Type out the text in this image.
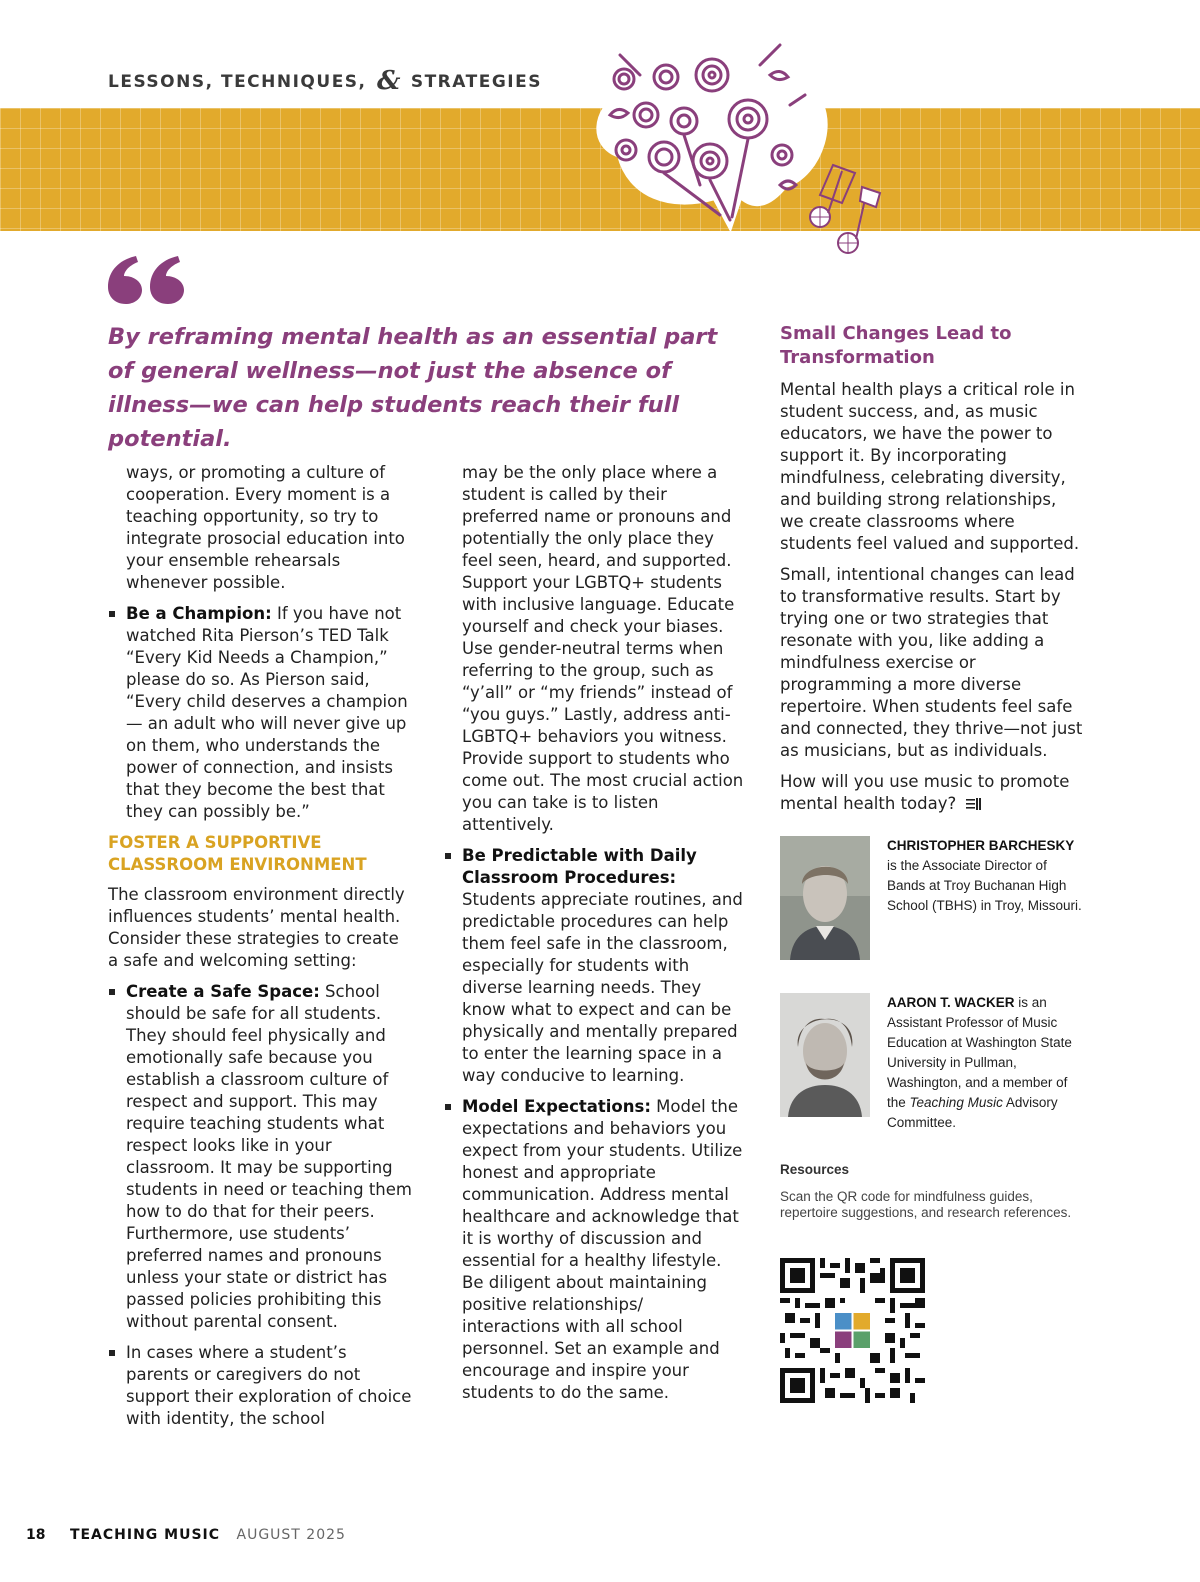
LESSONS, TECHNIQUES, & STRATEGIES
By reframing mental health as an essential part of general wellness—not just the absence of illness—we can help students reach their full potential.

ways, or promoting a culture of cooperation. Every moment is a teaching opportunity, so try to integrate prosocial education into your ensemble rehearsals whenever possible.

Be a Champion: If you have not watched Rita Pierson’s TED Talk “Every Kid Needs a Champion,” please do so. As Pierson said, “Every child deserves a champion — an adult who will never give up on them, who understands the power of connection, and insists that they become the best that they can possibly be.”
FOSTER A SUPPORTIVE CLASSROOM ENVIRONMENT

The classroom environment directly influences students’ mental health. Consider these strategies to create a safe and welcoming setting:

Create a Safe Space: School should be safe for all students. They should feel physically and emotionally safe because you establish a classroom culture of respect and support. This may require teaching students what respect looks like in your classroom. It may be supporting students in need or teaching them how to do that for their peers. Furthermore, use students’ preferred names and pronouns unless your state or district has passed policies prohibiting this without parental consent.
In cases where a student’s parents or caregivers do not support their exploration of choice with identity, the school

may be the only place where a student is called by their preferred name or pronouns and potentially the only place they feel seen, heard, and supported. Support your LGBTQ+ students with inclusive language. Educate yourself and check your biases. Use gender-neutral terms when referring to the group, such as “y’all” or “my friends” instead of “you guys.” Lastly, address anti-LGBTQ+ behaviors you witness. Provide support to students who come out. The most crucial action you can take is to listen attentively.

Be Predictable with Daily Classroom Procedures: Students appreciate routines, and predictable procedures can help them feel safe in the classroom, especially for students with diverse learning needs. They know what to expect and can be physically and mentally prepared to enter the learning space in a way conducive to learning.
Model Expectations: Model the expectations and behaviors you expect from your students. Utilize honest and appropriate communication. Address mental healthcare and acknowledge that it is worthy of discussion and essential for a healthy lifestyle. Be diligent about maintaining positive relationships/ interactions with all school personnel. Set an example and encourage and inspire your students to do the same.
Small Changes Lead to Transformation

Mental health plays a critical role in student success, and, as music educators, we have the power to support it. By incorporating mindfulness, celebrating diversity, and building strong relationships, we create classrooms where students feel valued and supported.

Small, intentional changes can lead to transformative results. Start by trying one or two strategies that resonate with you, like adding a mindfulness exercise or programming a more diverse repertoire. When students feel safe and connected, they thrive—not just as musicians, but as individuals.

How will you use music to promote mental health today?

CHRISTOPHER BARCHESKY
is the Associate Director of Bands at Troy Buchanan High School (TBHS) in Troy, Missouri.
AARON T. WACKER is an Assistant Professor of Music Education at Washington State University in Pullman, Washington, and a member of the Teaching Music Advisory Committee.
Resources

Scan the QR code for mindfulness guides, repertoire suggestions, and research references.

18 TEACHING MUSIC AUGUST 2025
